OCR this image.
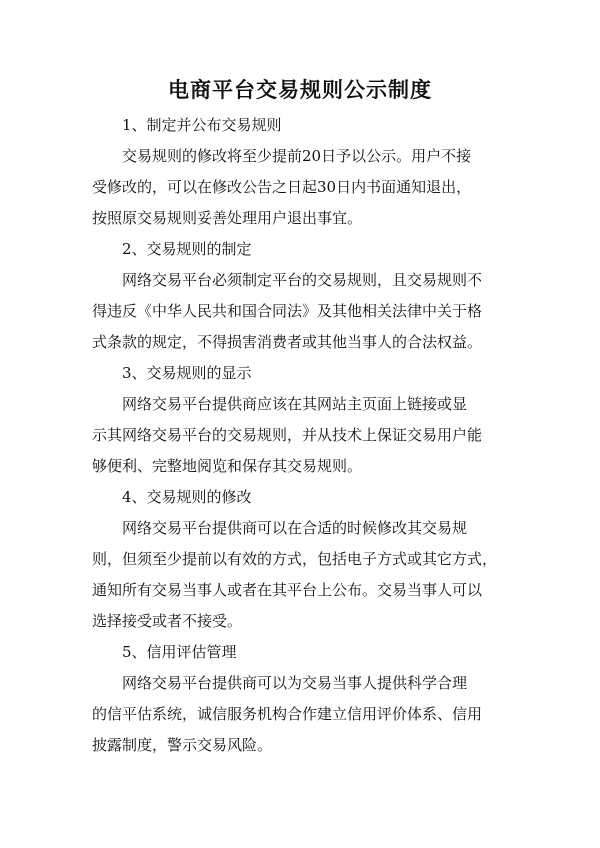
电商平台交易规则公示制度

1、制定并公布交易规则

交易规则的修改将至少提前20日予以公示。用户不接
受修改的，可以在修改公告之日起30日内书面通知退出，
按照原交易规则妥善处理用户退出事宜。

2、交易规则的制定

网络交易平台必须制定平台的交易规则，且交易规则不
得违反《中华人民共和国合同法》及其他相关法律中关于格
式条款的规定，不得损害消费者或其他当事人的合法权益。

3、交易规则的显示

网络交易平台提供商应该在其网站主页面上链接或显
示其网络交易平台的交易规则，并从技术上保证交易用户能
够便利、完整地阅览和保存其交易规则。

4、交易规则的修改

网络交易平台提供商可以在合适的时候修改其交易规
则，但须至少提前以有效的方式，包括电子方式或其它方式，
通知所有交易当事人或者在其平台上公布。交易当事人可以
选择接受或者不接受。

5、信用评估管理

网络交易平台提供商可以为交易当事人提供科学合理
的信平估系统，诚信服务机构合作建立信用评价体系、信用
披露制度，警示交易风险。
